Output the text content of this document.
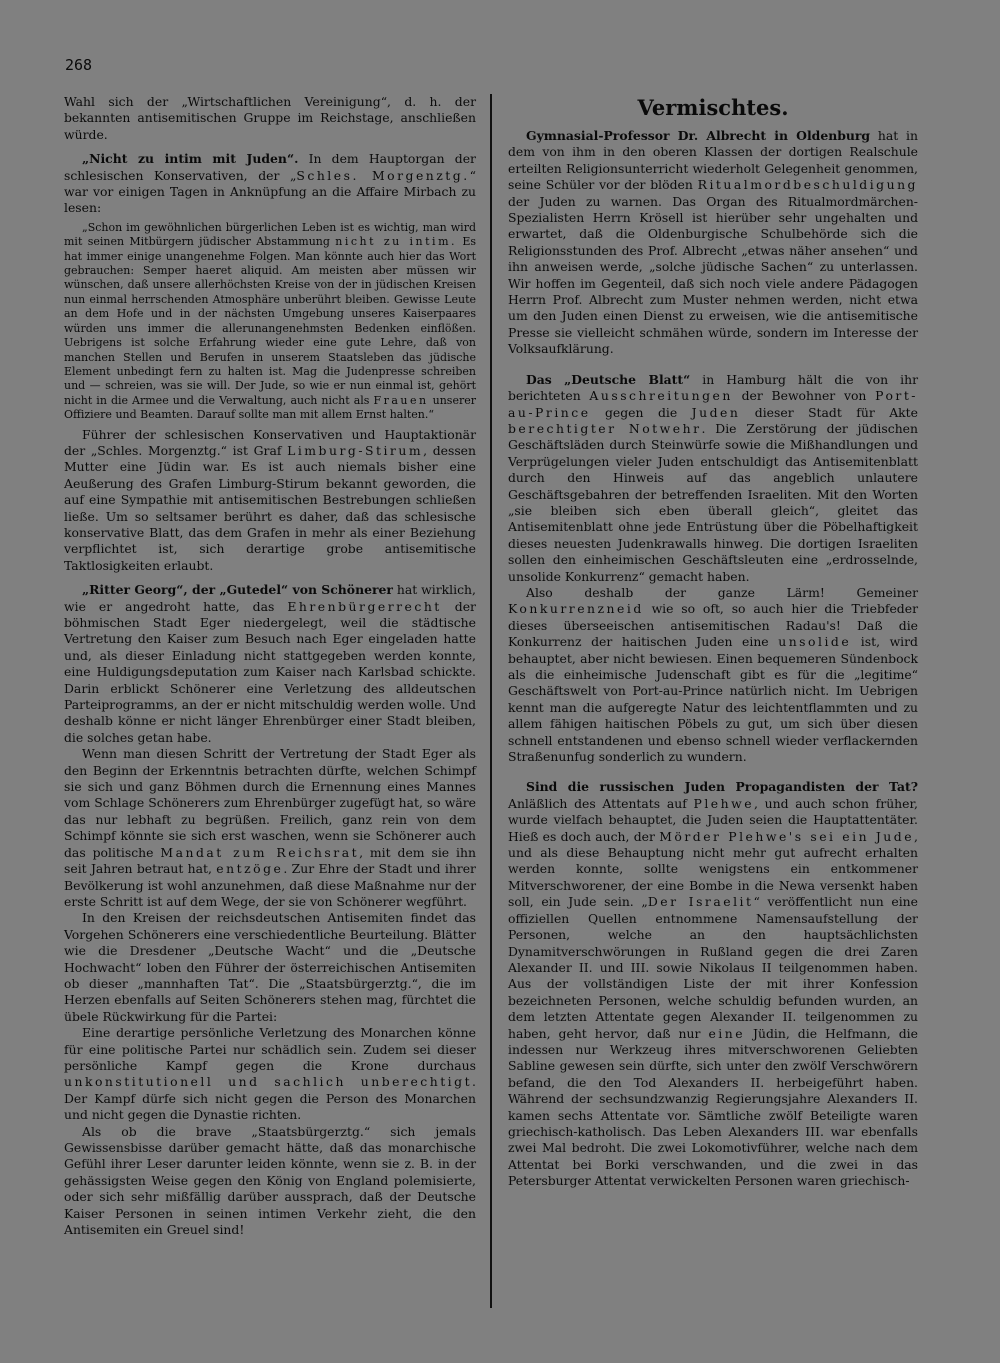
268

Wahl sich der „Wirtschaftlichen Vereinigung“, d. h. der bekannten antisemitischen Gruppe im Reichstage, anschließen würde.

„Nicht zu intim mit Juden“. In dem Hauptorgan der schlesischen Konservativen, der „Schles. Morgenztg.“ war vor einigen Tagen in Anknüpfung an die Affaire Mirbach zu lesen:

„Schon im gewöhnlichen bürgerlichen Leben ist es wichtig, man wird mit seinen Mitbürgern jüdischer Abstammung nicht zu intim. Es hat immer einige unangenehme Folgen. Man könnte auch hier das Wort gebrauchen: Semper haeret aliquid. Am meisten aber müssen wir wünschen, daß unsere allerhöchsten Kreise von der in jüdischen Kreisen nun einmal herrschenden Atmosphäre unberührt bleiben. Gewisse Leute an dem Hofe und in der nächsten Umgebung unseres Kaiserpaares würden uns immer die allerunangenehmsten Bedenken einflößen. Uebrigens ist solche Erfahrung wieder eine gute Lehre, daß von manchen Stellen und Berufen in unserem Staatsleben das jüdische Element unbedingt fern zu halten ist. Mag die Judenpresse schreiben und — schreien, was sie will. Der Jude, so wie er nun einmal ist, gehört nicht in die Armee und die Verwaltung, auch nicht als Frauen unserer Offiziere und Beamten. Darauf sollte man mit allem Ernst halten.“

Führer der schlesischen Konservativen und Hauptaktionär der „Schles. Morgenztg.“ ist Graf Limburg-Stirum, dessen Mutter eine Jüdin war. Es ist auch niemals bisher eine Aeußerung des Grafen Limburg-Stirum bekannt geworden, die auf eine Sympathie mit antisemitischen Bestrebungen schließen ließe. Um so seltsamer berührt es daher, daß das schlesische konservative Blatt, das dem Grafen in mehr als einer Beziehung verpflichtet ist, sich derartige grobe antisemitische Taktlosigkeiten erlaubt.

„Ritter Georg“, der „Gutedel“ von Schönerer hat wirklich, wie er angedroht hatte, das Ehrenbürgerrecht der böhmischen Stadt Eger niedergelegt, weil die städtische Vertretung den Kaiser zum Besuch nach Eger eingeladen hatte und, als dieser Einladung nicht stattgegeben werden konnte, eine Huldigungsdeputation zum Kaiser nach Karlsbad schickte. Darin erblickt Schönerer eine Verletzung des alldeutschen Parteiprogramms, an der er nicht mitschuldig werden wolle. Und deshalb könne er nicht länger Ehrenbürger einer Stadt bleiben, die solches getan habe.

Wenn man diesen Schritt der Vertretung der Stadt Eger als den Beginn der Erkenntnis betrachten dürfte, welchen Schimpf sie sich und ganz Böhmen durch die Ernennung eines Mannes vom Schlage Schönerers zum Ehrenbürger zugefügt hat, so wäre das nur lebhaft zu begrüßen. Freilich, ganz rein von dem Schimpf könnte sie sich erst waschen, wenn sie Schönerer auch das politische Mandat zum Reichsrat, mit dem sie ihn seit Jahren betraut hat, entzöge. Zur Ehre der Stadt und ihrer Bevölkerung ist wohl anzunehmen, daß diese Maßnahme nur der erste Schritt ist auf dem Wege, der sie von Schönerer wegführt.

In den Kreisen der reichsdeutschen Antisemiten findet das Vorgehen Schönerers eine verschiedentliche Beurteilung. Blätter wie die Dresdener „Deutsche Wacht“ und die „Deutsche Hochwacht“ loben den Führer der österreichischen Antisemiten ob dieser „mannhaften Tat“. Die „Staatsbürgerztg.“, die im Herzen ebenfalls auf Seiten Schönerers stehen mag, fürchtet die übele Rückwirkung für die Partei:

Eine derartige persönliche Verletzung des Monarchen könne für eine politische Partei nur schädlich sein. Zudem sei dieser persönliche Kampf gegen die Krone durchaus unkonstitutionell und sachlich unberechtigt. Der Kampf dürfe sich nicht gegen die Person des Monarchen und nicht gegen die Dynastie richten.

Als ob die brave „Staatsbürgerztg.“ sich jemals Gewissensbisse darüber gemacht hätte, daß das monarchische Gefühl ihrer Leser darunter leiden könnte, wenn sie z. B. in der gehässigsten Weise gegen den König von England polemisierte, oder sich sehr mißfällig darüber aussprach, daß der Deutsche Kaiser Personen in seinen intimen Verkehr zieht, die den Antisemiten ein Greuel sind!

Vermischtes.

Gymnasial-Professor Dr. Albrecht in Oldenburg hat in dem von ihm in den oberen Klassen der dortigen Realschule erteilten Religionsunterricht wiederholt Gelegenheit genommen, seine Schüler vor der blöden Ritualmordbeschuldigung der Juden zu warnen. Das Organ des Ritualmordmärchen-Spezialisten Herrn Krösell ist hierüber sehr ungehalten und erwartet, daß die Oldenburgische Schulbehörde sich die Religionsstunden des Prof. Albrecht „etwas näher ansehen“ und ihn anweisen werde, „solche jüdische Sachen“ zu unterlassen. Wir hoffen im Gegenteil, daß sich noch viele andere Pädagogen Herrn Prof. Albrecht zum Muster nehmen werden, nicht etwa um den Juden einen Dienst zu erweisen, wie die antisemitische Presse sie vielleicht schmähen würde, sondern im Interesse der Volksaufklärung.

Das „Deutsche Blatt“ in Hamburg hält die von ihr berichteten Ausschreitungen der Bewohner von Port-au-Prince gegen die Juden dieser Stadt für Akte berechtigter Notwehr. Die Zerstörung der jüdischen Geschäftsläden durch Steinwürfe sowie die Mißhandlungen und Verprügelungen vieler Juden entschuldigt das Antisemitenblatt durch den Hinweis auf das angeblich unlautere Geschäftsgebahren der betreffenden Israeliten. Mit den Worten „sie bleiben sich eben überall gleich“, gleitet das Antisemitenblatt ohne jede Entrüstung über die Pöbelhaftigkeit dieses neuesten Judenkrawalls hinweg. Die dortigen Israeliten sollen den einheimischen Geschäftsleuten eine „erdrosselnde, unsolide Konkurrenz“ gemacht haben.

Also deshalb der ganze Lärm! Gemeiner Konkurrenzneid wie so oft, so auch hier die Triebfeder dieses überseeischen antisemitischen Radau's! Daß die Konkurrenz der haitischen Juden eine unsolide ist, wird behauptet, aber nicht bewiesen. Einen bequemeren Sündenbock als die einheimische Judenschaft gibt es für die „legitime“ Geschäftswelt von Port-au-Prince natürlich nicht. Im Uebrigen kennt man die aufgeregte Natur des leichtentflammten und zu allem fähigen haitischen Pöbels zu gut, um sich über diesen schnell entstandenen und ebenso schnell wieder verflackernden Straßenunfug sonderlich zu wundern.

Sind die russischen Juden Propagandisten der Tat? Anläßlich des Attentats auf Plehwe, und auch schon früher, wurde vielfach behauptet, die Juden seien die Hauptattentäter. Hieß es doch auch, der Mörder Plehwe's sei ein Jude, und als diese Behauptung nicht mehr gut aufrecht erhalten werden konnte, sollte wenigstens ein entkommener Mitverschworener, der eine Bombe in die Newa versenkt haben soll, ein Jude sein. „Der Israelit“ veröffentlicht nun eine offiziellen Quellen entnommene Namensaufstellung der Personen, welche an den hauptsächlichsten Dynamitverschwörungen in Rußland gegen die drei Zaren Alexander II. und III. sowie Nikolaus II teilgenommen haben. Aus der vollständigen Liste der mit ihrer Konfession bezeichneten Personen, welche schuldig befunden wurden, an dem letzten Attentate gegen Alexander II. teilgenommen zu haben, geht hervor, daß nur eine Jüdin, die Helfmann, die indessen nur Werkzeug ihres mitverschworenen Geliebten Sabline gewesen sein dürfte, sich unter den zwölf Verschwörern befand, die den Tod Alexanders II. herbeigeführt haben. Während der sechsundzwanzig Regierungsjahre Alexanders II. kamen sechs Attentate vor. Sämtliche zwölf Beteiligte waren griechisch-katholisch. Das Leben Alexanders III. war ebenfalls zwei Mal bedroht. Die zwei Lokomotivführer, welche nach dem Attentat bei Borki verschwanden, und die zwei in das Petersburger Attentat verwickelten Personen waren griechisch-
